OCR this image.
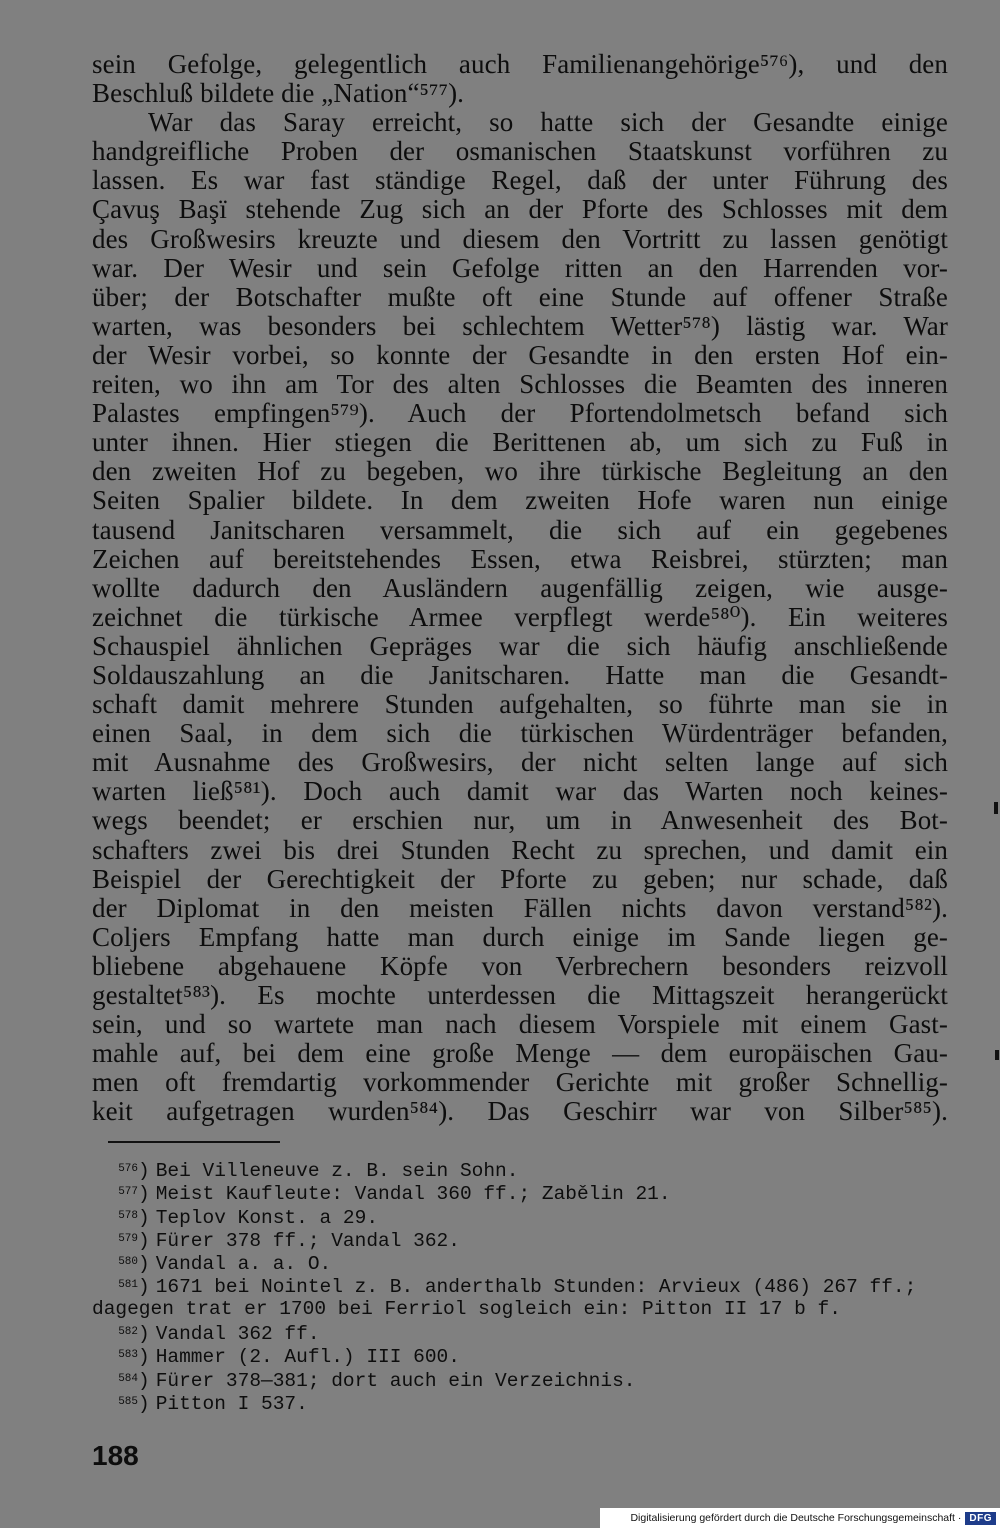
sein Gefolge, gelegentlich auch Familienangehörige⁵⁷⁶), und den
Beschluß bildete die „Nation“⁵⁷⁷).
War das Saray erreicht, so hatte sich der Gesandte einige
handgreifliche Proben der osmanischen Staatskunst vorführen zu
lassen. Es war fast ständige Regel, daß der unter Führung des
Çavuş Başï stehende Zug sich an der Pforte des Schlosses mit dem
des Großwesirs kreuzte und diesem den Vortritt zu lassen genötigt
war. Der Wesir und sein Gefolge ritten an den Harrenden vor-
über; der Botschafter mußte oft eine Stunde auf offener Straße
warten, was besonders bei schlechtem Wetter⁵⁷⁸) lästig war. War
der Wesir vorbei, so konnte der Gesandte in den ersten Hof ein-
reiten, wo ihn am Tor des alten Schlosses die Beamten des inneren
Palastes empfingen⁵⁷⁹). Auch der Pfortendolmetsch befand sich
unter ihnen. Hier stiegen die Berittenen ab, um sich zu Fuß in
den zweiten Hof zu begeben, wo ihre türkische Begleitung an den
Seiten Spalier bildete. In dem zweiten Hofe waren nun einige
tausend Janitscharen versammelt, die sich auf ein gegebenes
Zeichen auf bereitstehendes Essen, etwa Reisbrei, stürzten; man
wollte dadurch den Ausländern augenfällig zeigen, wie ausge-
zeichnet die türkische Armee verpflegt werde⁵⁸⁰). Ein weiteres
Schauspiel ähnlichen Gepräges war die sich häufig anschließende
Soldauszahlung an die Janitscharen. Hatte man die Gesandt-
schaft damit mehrere Stunden aufgehalten, so führte man sie in
einen Saal, in dem sich die türkischen Würdenträger befanden,
mit Ausnahme des Großwesirs, der nicht selten lange auf sich
warten ließ⁵⁸¹). Doch auch damit war das Warten noch keines-
wegs beendet; er erschien nur, um in Anwesenheit des Bot-
schafters zwei bis drei Stunden Recht zu sprechen, und damit ein
Beispiel der Gerechtigkeit der Pforte zu geben; nur schade, daß
der Diplomat in den meisten Fällen nichts davon verstand⁵⁸²).
Coljers Empfang hatte man durch einige im Sande liegen ge-
bliebene abgehauene Köpfe von Verbrechern besonders reizvoll
gestaltet⁵⁸³). Es mochte unterdessen die Mittagszeit herangerückt
sein, und so wartete man nach diesem Vorspiele mit einem Gast-
mahle auf, bei dem eine große Menge — dem europäischen Gau-
men oft fremdartig vorkommender Gerichte mit großer Schnellig-
keit aufgetragen wurden⁵⁸⁴). Das Geschirr war von Silber⁵⁸⁵).
576) Bei Villeneuve z. B. sein Sohn.
577) Meist Kaufleute: Vandal 360 ff.; Zabělin 21.
578) Teplov Konst. a 29.
579) Fürer 378 ff.; Vandal 362.
580) Vandal a. a. O.
581) 1671 bei Nointel z. B. anderthalb Stunden: Arvieux (486) 267 ff.;
dagegen trat er 1700 bei Ferriol sogleich ein: Pitton II 17 b f.
582) Vandal 362 ff.
583) Hammer (2. Aufl.) III 600.
584) Fürer 378—381; dort auch ein Verzeichnis.
585) Pitton I 537.
188
Digitalisierung gefördert durch die Deutsche Forschungsgemeinschaft · DFG
